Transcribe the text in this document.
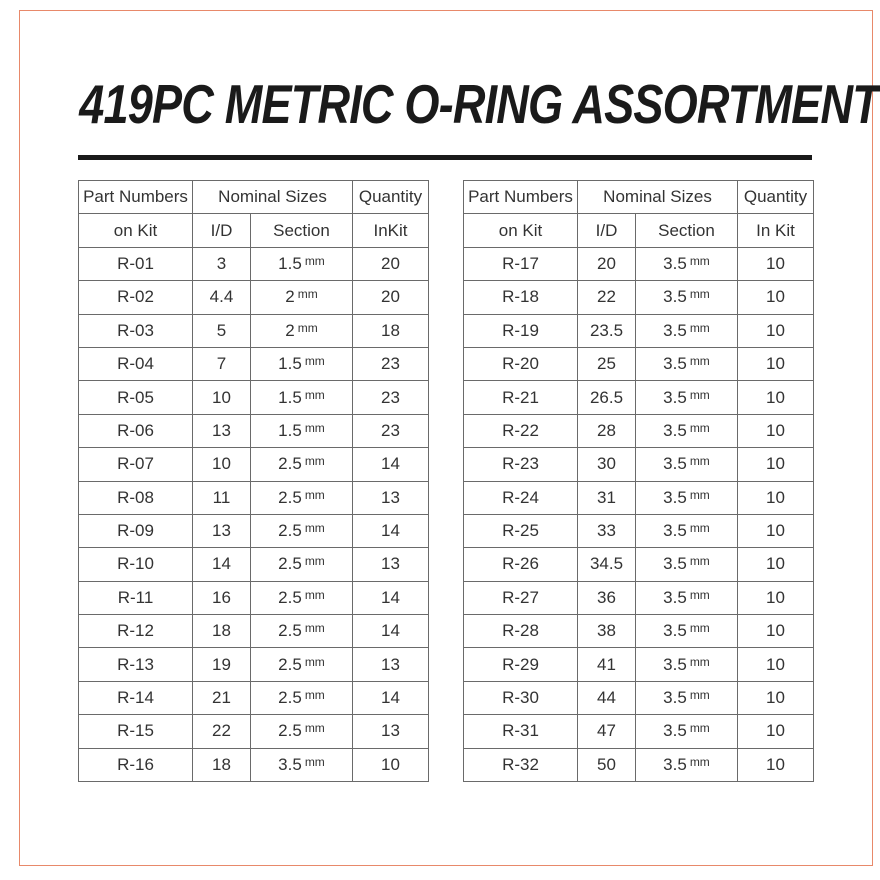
419PC METRIC O-RING ASSORTMENT
Part Numbers	Nominal Sizes		Quantity
on Kit	I/D	Section	InKit
R-01	3	1.5 $^{mm}$	20
R-02	4.4	2 $^{mm}$	20
R-03	5	2 $^{mm}$	18
R-04	7	1.5 $^{mm}$	23
R-05	10	1.5 $^{mm}$	23
R-06	13	1.5 $^{mm}$	23
R-07	10	2.5 $^{mm}$	14
R-08	11	2.5 $^{mm}$	13
R-09	13	2.5 $^{mm}$	14
R-10	14	2.5 $^{mm}$	13
R-11	16	2.5 $^{mm}$	14
R-12	18	2.5 $^{mm}$	14
R-13	19	2.5 $^{mm}$	13
R-14	21	2.5 $^{mm}$	14
R-15	22	2.5 $^{mm}$	13
R-16	18	3.5 $^{mm}$	10
Part Numbers	Nominal Sizes		Quantity
on Kit	I/D	Section	In Kit
R-17	20	3.5 $^{mm}$	10
R-18	22	3.5 $^{mm}$	10
R-19	23.5	3.5 $^{mm}$	10
R-20	25	3.5 $^{mm}$	10
R-21	26.5	3.5 $^{mm}$	10
R-22	28	3.5 $^{mm}$	10
R-23	30	3.5 $^{mm}$	10
R-24	31	3.5 $^{mm}$	10
R-25	33	3.5 $^{mm}$	10
R-26	34.5	3.5 $^{mm}$	10
R-27	36	3.5 $^{mm}$	10
R-28	38	3.5 $^{mm}$	10
R-29	41	3.5 $^{mm}$	10
R-30	44	3.5 $^{mm}$	10
R-31	47	3.5 $^{mm}$	10
R-32	50	3.5 $^{mm}$	10
